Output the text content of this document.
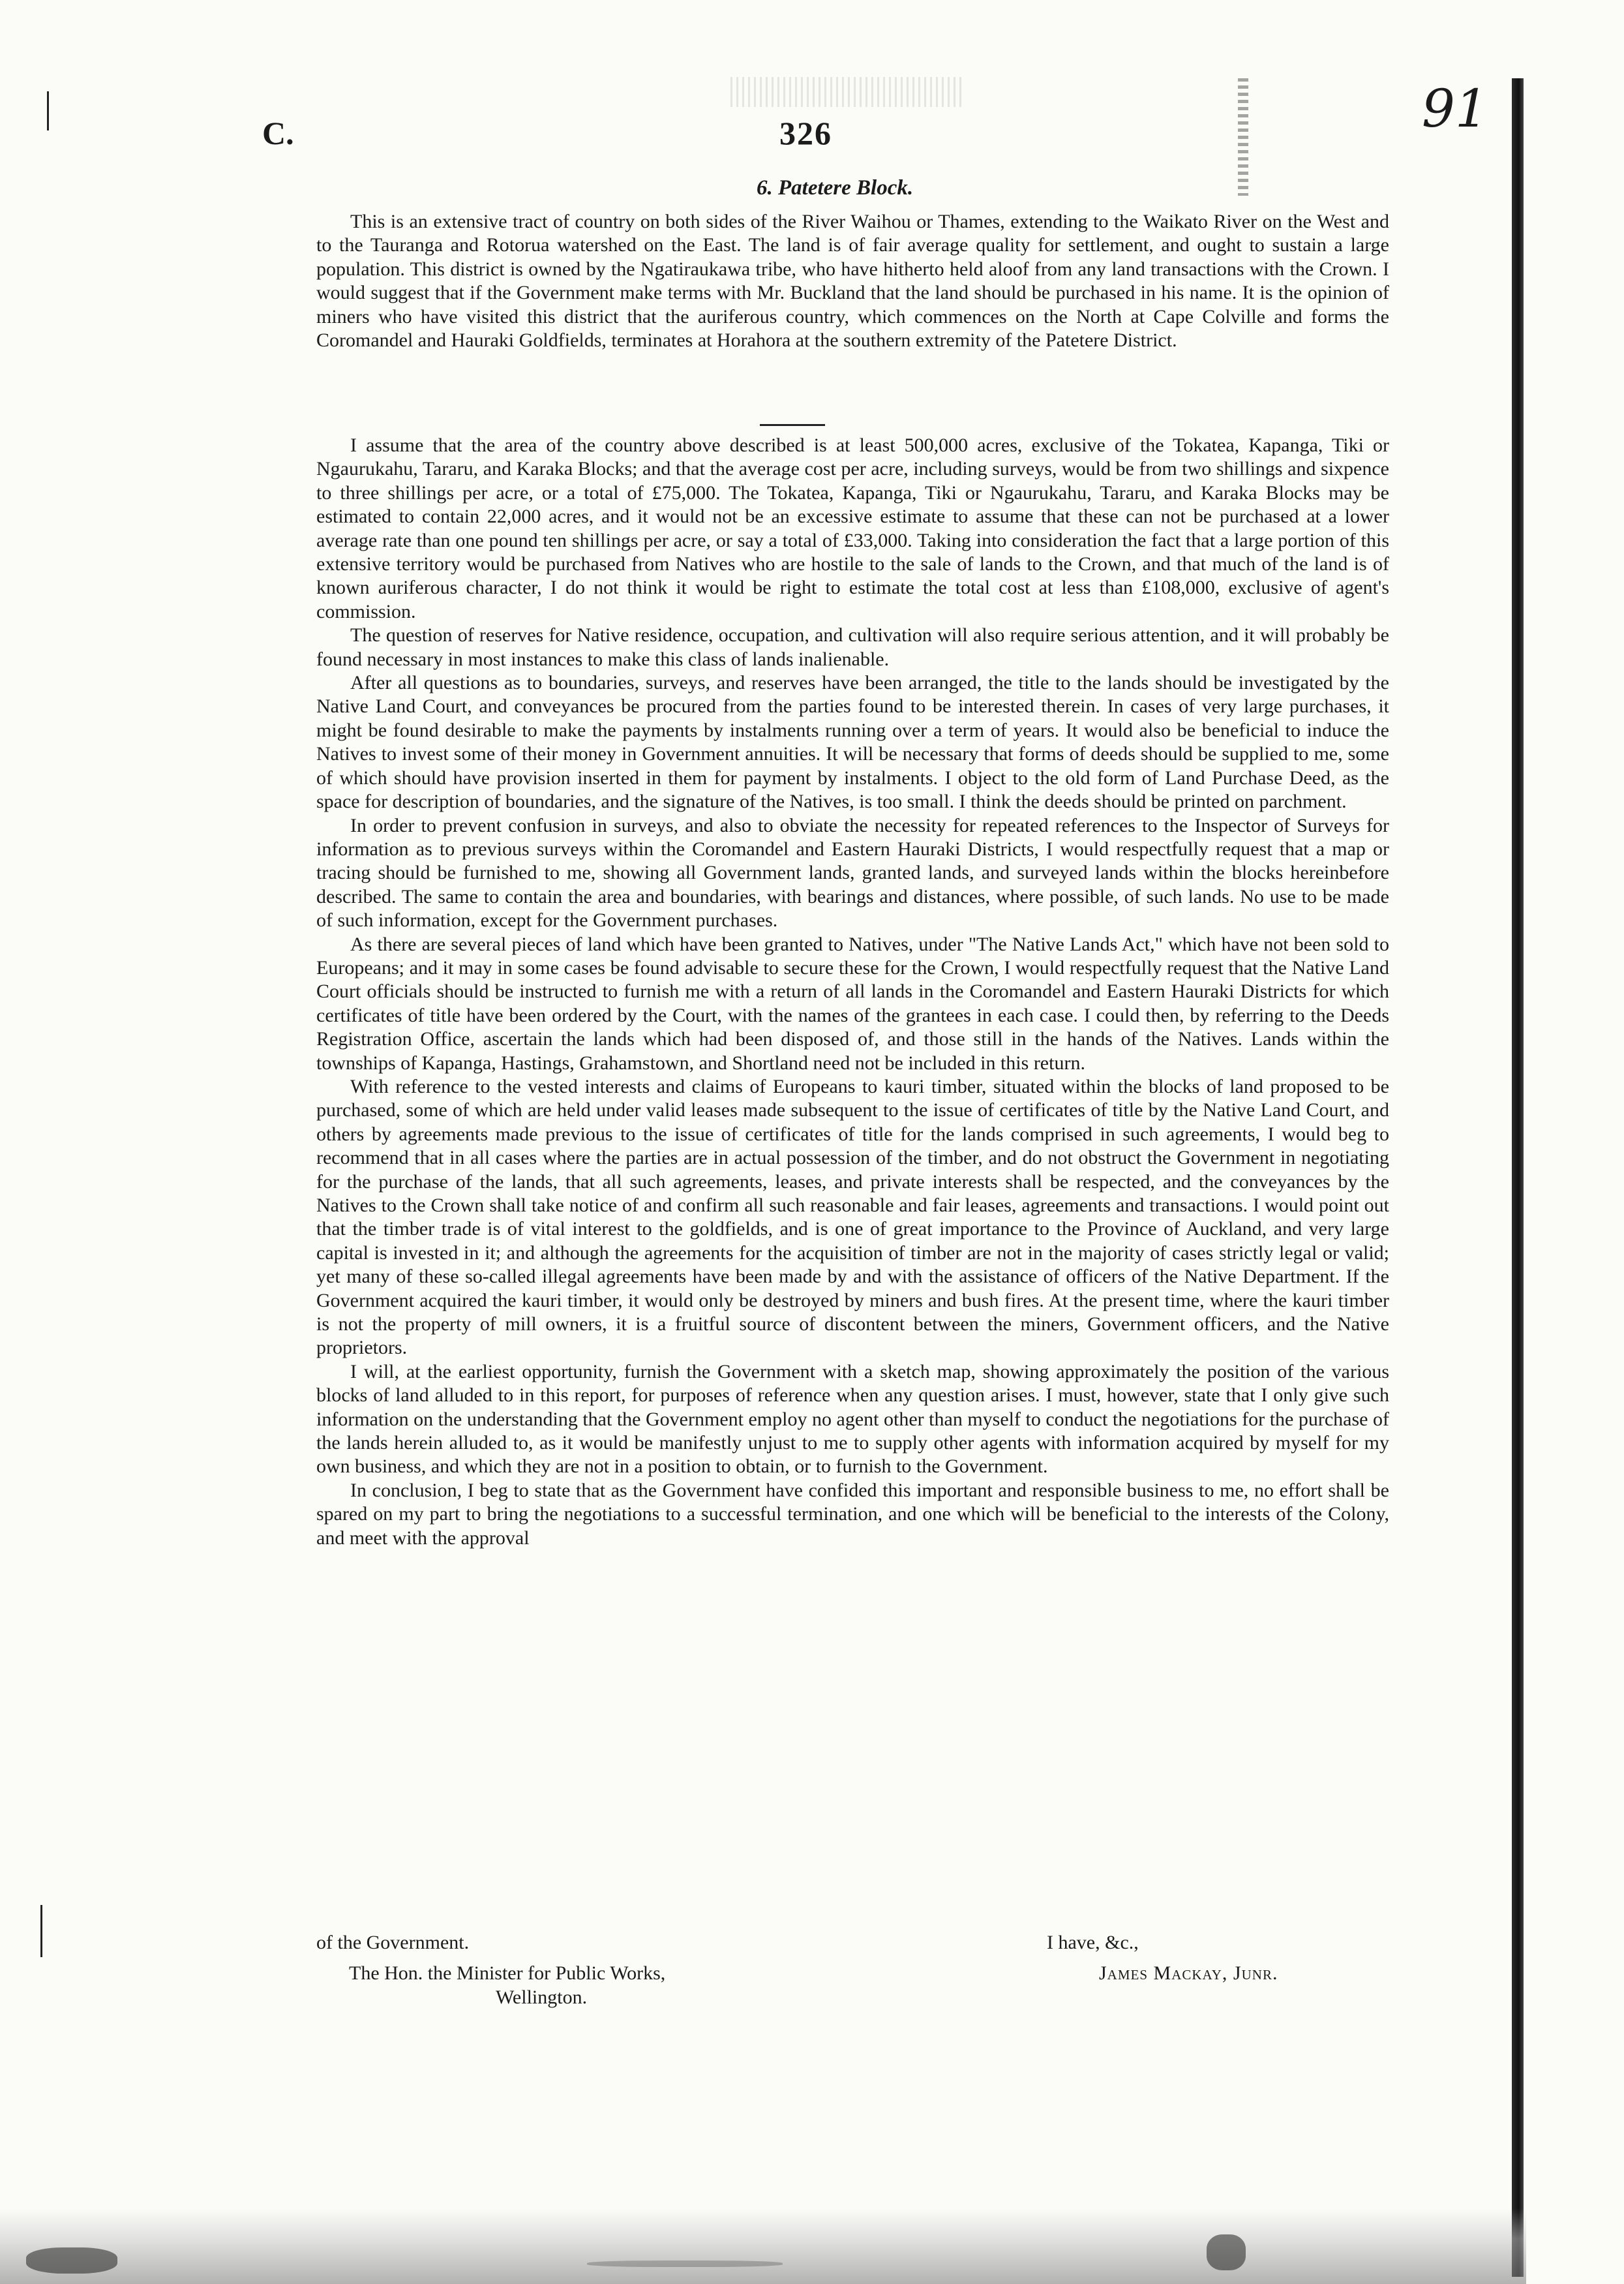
C.	326	91
6. Patetere Block.

This is an extensive tract of country on both sides of the River Waihou or Thames, extending to the Waikato River on the West and to the Tauranga and Rotorua watershed on the East. The land is of fair average quality for settlement, and ought to sustain a large population. This district is owned by the Ngatiraukawa tribe, who have hitherto held aloof from any land transactions with the Crown. I would suggest that if the Government make terms with Mr. Buckland that the land should be purchased in his name. It is the opinion of miners who have visited this district that the auriferous country, which commences on the North at Cape Colville and forms the Coromandel and Hauraki Goldfields, terminates at Horahora at the southern extremity of the Patetere District.

I assume that the area of the country above described is at least 500,000 acres, exclusive of the Tokatea, Kapanga, Tiki or Ngaurukahu, Tararu, and Karaka Blocks; and that the average cost per acre, including surveys, would be from two shillings and sixpence to three shillings per acre, or a total of £75,000. The Tokatea, Kapanga, Tiki or Ngaurukahu, Tararu, and Karaka Blocks may be estimated to contain 22,000 acres, and it would not be an excessive estimate to assume that these can not be purchased at a lower average rate than one pound ten shillings per acre, or say a total of £33,000. Taking into consideration the fact that a large portion of this extensive territory would be purchased from Natives who are hostile to the sale of lands to the Crown, and that much of the land is of known auriferous character, I do not think it would be right to estimate the total cost at less than £108,000, exclusive of agent's commission.

The question of reserves for Native residence, occupation, and cultivation will also require serious attention, and it will probably be found necessary in most instances to make this class of lands inalienable.

After all questions as to boundaries, surveys, and reserves have been arranged, the title to the lands should be investigated by the Native Land Court, and conveyances be procured from the parties found to be interested therein. In cases of very large purchases, it might be found desirable to make the payments by instalments running over a term of years. It would also be beneficial to induce the Natives to invest some of their money in Government annuities. It will be necessary that forms of deeds should be supplied to me, some of which should have provision inserted in them for payment by instalments. I object to the old form of Land Purchase Deed, as the space for description of boundaries, and the signature of the Natives, is too small. I think the deeds should be printed on parchment.

In order to prevent confusion in surveys, and also to obviate the necessity for repeated references to the Inspector of Surveys for information as to previous surveys within the Coromandel and Eastern Hauraki Districts, I would respectfully request that a map or tracing should be furnished to me, showing all Government lands, granted lands, and surveyed lands within the blocks hereinbefore described. The same to contain the area and boundaries, with bearings and distances, where possible, of such lands. No use to be made of such information, except for the Government purchases.

As there are several pieces of land which have been granted to Natives, under "The Native Lands Act," which have not been sold to Europeans; and it may in some cases be found advisable to secure these for the Crown, I would respectfully request that the Native Land Court officials should be instructed to furnish me with a return of all lands in the Coromandel and Eastern Hauraki Districts for which certificates of title have been ordered by the Court, with the names of the grantees in each case. I could then, by referring to the Deeds Registration Office, ascertain the lands which had been disposed of, and those still in the hands of the Natives. Lands within the townships of Kapanga, Hastings, Grahamstown, and Shortland need not be included in this return.

With reference to the vested interests and claims of Europeans to kauri timber, situated within the blocks of land proposed to be purchased, some of which are held under valid leases made subsequent to the issue of certificates of title by the Native Land Court, and others by agreements made previous to the issue of certificates of title for the lands comprised in such agreements, I would beg to recommend that in all cases where the parties are in actual possession of the timber, and do not obstruct the Government in negotiating for the purchase of the lands, that all such agreements, leases, and private interests shall be respected, and the conveyances by the Natives to the Crown shall take notice of and confirm all such reasonable and fair leases, agreements and transactions. I would point out that the timber trade is of vital interest to the goldfields, and is one of great importance to the Province of Auckland, and very large capital is invested in it; and although the agreements for the acquisition of timber are not in the majority of cases strictly legal or valid; yet many of these so-called illegal agreements have been made by and with the assistance of officers of the Native Department. If the Government acquired the kauri timber, it would only be destroyed by miners and bush fires. At the present time, where the kauri timber is not the property of mill owners, it is a fruitful source of discontent between the miners, Government officers, and the Native proprietors.

I will, at the earliest opportunity, furnish the Government with a sketch map, showing approximately the position of the various blocks of land alluded to in this report, for purposes of reference when any question arises. I must, however, state that I only give such information on the understanding that the Government employ no agent other than myself to conduct the negotiations for the purchase of the lands herein alluded to, as it would be manifestly unjust to me to supply other agents with information acquired by myself for my own business, and which they are not in a position to obtain, or to furnish to the Government.

In conclusion, I beg to state that as the Government have confided this important and responsible business to me, no effort shall be spared on my part to bring the negotiations to a successful termination, and one which will be beneficial to the interests of the Colony, and meet with the approval

of the Government.	I have, &c.,
The Hon. the Minister for Public Works,
Wellington.
James Mackay, Junr.
